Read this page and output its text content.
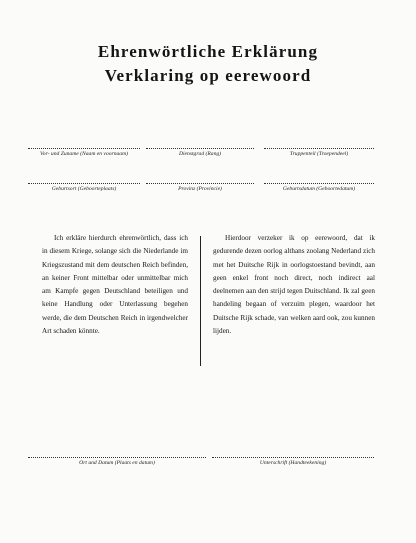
Ehrenwörtliche Erklärung
Verklaring op eerewoord
Vor- und Zuname (Naam en voornaam)	Dienstgrad (Rang)	Truppenteil (Troependeel)
Geburtsort (Geboorteplaats)	Provinz (Provincie)	Geburtsdatum (Geboortedatum)

Ich erkläre hierdurch ehrenwörtlich, dass ich in diesem Kriege, solange sich die Niederlande im Kriegszustand mit dem deutschen Reich befinden, an keiner Front mittelbar oder unmittelbar mich am Kampfe gegen Deutschland beteiligen und keine Handlung oder Unterlassung begehen werde, die dem Deutschen Reich in irgendwelcher Art schaden könnte.

Hierdoor verzeker ik op eerewoord, dat ik gedurende dezen oorlog althans zoolang Nederland zich met het Duitsche Rijk in oorlogstoestand bevindt, aan geen enkel front noch direct, noch indirect aal deelnemen aan den strijd tegen Duitschland. Ik zal geen handeling begaan of verzuim plegen, waardoor het Duitsche Rijk schade, van welken aard ook, zou kunnen lijden.

Ort und Datum (Plaats en datum)	Unterschrift (Handteekening)
